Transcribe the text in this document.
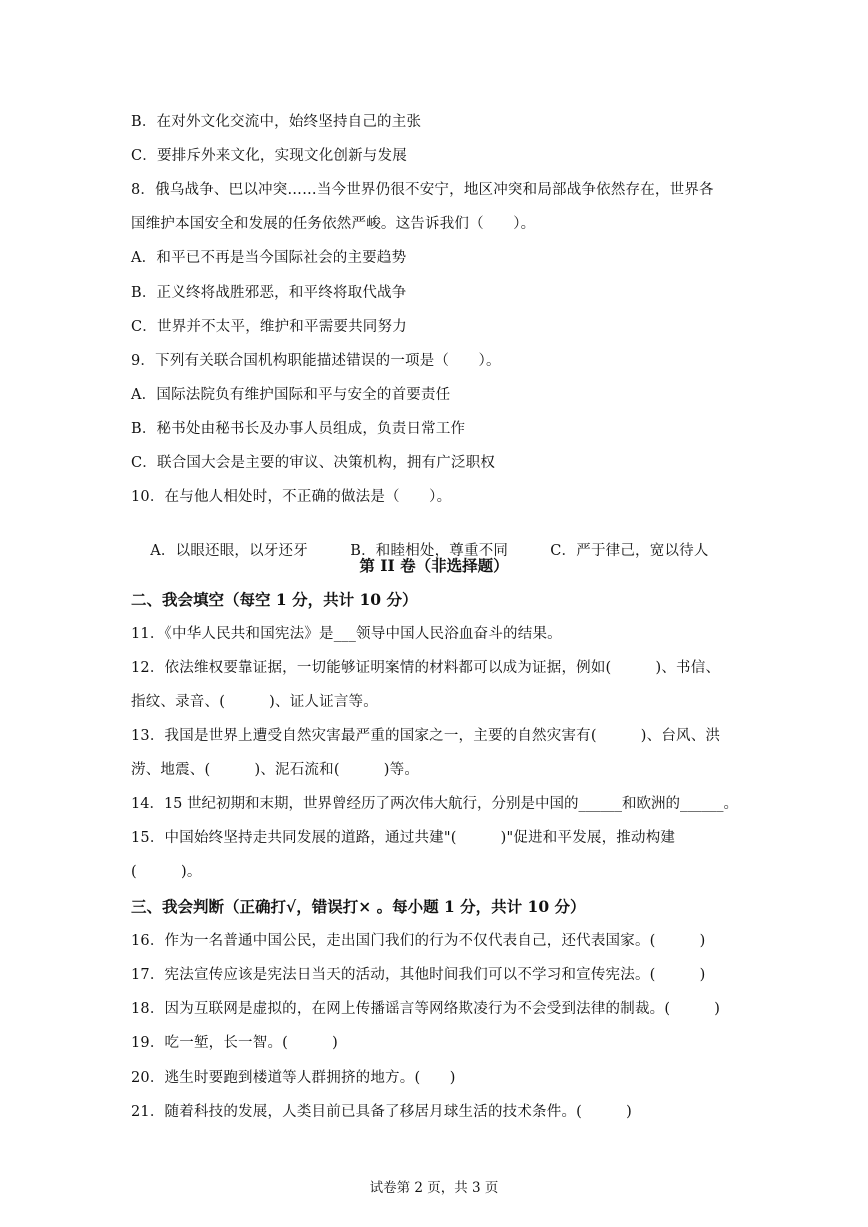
B．在对外文化交流中，始终坚持自己的主张
C．要排斥外来文化，实现文化创新与发展
8．俄乌战争、巴以冲突……当今世界仍很不安宁，地区冲突和局部战争依然存在，世界各
国维护本国安全和发展的任务依然严峻。这告诉我们（　　）。
A．和平已不再是当今国际社会的主要趋势
B．正义终将战胜邪恶，和平终将取代战争
C．世界并不太平，维护和平需要共同努力
9．下列有关联合国机构职能描述错误的一项是（　　）。
A．国际法院负有维护国际和平与安全的首要责任
B．秘书处由秘书长及办事人员组成，负责日常工作
C．联合国大会是主要的审议、决策机构，拥有广泛职权
10．在与他人相处时，不正确的做法是（　　）。

A．以眼还眼，以牙还牙	B．和睦相处，尊重不同	C．严于律己，宽以待人

第 II 卷（非选择题）
二、我会填空（每空 1 分，共计 10 分）
11．《中华人民共和国宪法》是___领导中国人民浴血奋斗的结果。
12．依法维权要靠证据，一切能够证明案情的材料都可以成为证据，例如(　　　)、书信、
指纹、录音、(　　　)、证人证言等。
13．我国是世界上遭受自然灾害最严重的国家之一，主要的自然灾害有(　　　)、台风、洪
涝、地震、(　　　)、泥石流和(　　　)等。
14．15 世纪初期和末期，世界曾经历了两次伟大航行，分别是中国的______和欧洲的______。
15．中国始终坚持走共同发展的道路，通过共建"(　　　)"促进和平发展，推动构建
(　　　)。
三、我会判断（正确打√，错误打× 。每小题 1 分，共计 10 分）
16．作为一名普通中国公民，走出国门我们的行为不仅代表自己，还代表国家。(　　　)
17．宪法宣传应该是宪法日当天的活动，其他时间我们可以不学习和宣传宪法。(　　　)
18．因为互联网是虚拟的，在网上传播谣言等网络欺凌行为不会受到法律的制裁。(　　　)
19．吃一堑，长一智。(　　　)
20．逃生时要跑到楼道等人群拥挤的地方。(　　)
21．随着科技的发展，人类目前已具备了移居月球生活的技术条件。(　　　)
试卷第 2 页，共 3 页
